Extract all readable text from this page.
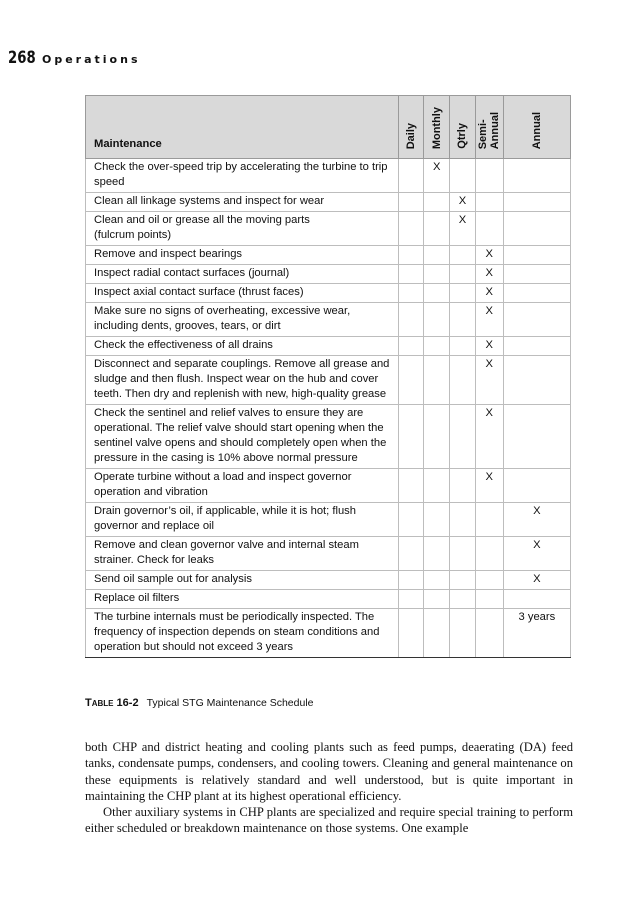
268 Operations
Maintenance	Daily	Monthly	Qtrly	Semi-
Annual	Annual
Check the over-speed trip by accelerating the turbine to trip speed		X			
Clean all linkage systems and inspect for wear			X		
Clean and oil or grease all the moving parts
(fulcrum points)			X		
Remove and inspect bearings				X	
Inspect radial contact surfaces (journal)				X	
Inspect axial contact surface (thrust faces)				X	
Make sure no signs of overheating, excessive wear, including dents, grooves, tears, or dirt				X	
Check the effectiveness of all drains				X	
Disconnect and separate couplings. Remove all grease and sludge and then flush. Inspect wear on the hub and cover teeth. Then dry and replenish with new, high-quality grease				X	
Check the sentinel and relief valves to ensure they are operational. The relief valve should start opening when the sentinel valve opens and should completely open when the pressure in the casing is 10% above normal pressure				X	
Operate turbine without a load and inspect governor operation and vibration				X	
Drain governor’s oil, if applicable, while it is hot; flush governor and replace oil					X
Remove and clean governor valve and internal steam strainer. Check for leaks					X
Send oil sample out for analysis					X
Replace oil filters					
The turbine internals must be periodically inspected. The frequency of inspection depends on steam conditions and operation but should not exceed 3 years					3 years
Table 16-2 Typical STG Maintenance Schedule

both CHP and district heating and cooling plants such as feed pumps, deaerating (DA) feed tanks, condensate pumps, condensers, and cooling towers. Cleaning and general maintenance on these equipments is relatively standard and well understood, but is quite important in maintaining the CHP plant at its highest operational efficiency.

Other auxiliary systems in CHP plants are specialized and require special training to perform either scheduled or breakdown maintenance on those systems. One example
